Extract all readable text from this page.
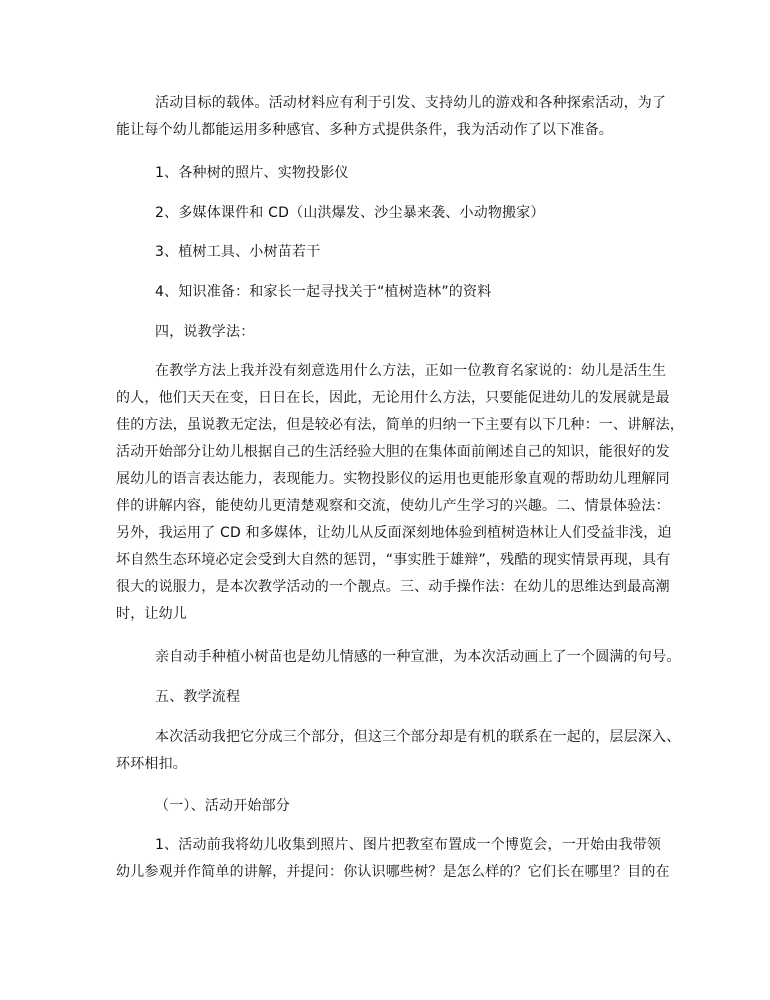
活动目标的载体。活动材料应有利于引发、支持幼儿的游戏和各种探索活动，为了
能让每个幼儿都能运用多种感官、多种方式提供条件，我为活动作了以下准备。
1、各种树的照片、实物投影仪
2、多媒体课件和 CD（山洪爆发、沙尘暴来袭、小动物搬家）
3、植树工具、小树苗若干
4、知识准备：和家长一起寻找关于“植树造林”的资料
四，说教学法：
在教学方法上我并没有刻意选用什么方法，正如一位教育名家说的：幼儿是活生生
的人，他们天天在变，日日在长，因此，无论用什么方法，只要能促进幼儿的发展就是最
佳的方法，虽说教无定法，但是较必有法，简单的归纳一下主要有以下几种：一、讲解法，
活动开始部分让幼儿根据自己的生活经验大胆的在集体面前阐述自己的知识，能很好的发
展幼儿的语言表达能力，表现能力。实物投影仪的运用也更能形象直观的帮助幼儿理解同
伴的讲解内容，能使幼儿更清楚观察和交流，使幼儿产生学习的兴趣。二、情景体验法：
另外，我运用了 CD 和多媒体，让幼儿从反面深刻地体验到植树造林让人们受益非浅，迫
坏自然生态环境必定会受到大自然的惩罚，“事实胜于雄辩”，残酷的现实情景再现，具有
很大的说服力，是本次教学活动的一个靓点。三、动手操作法：在幼儿的思维达到最高潮
时，让幼儿
亲自动手种植小树苗也是幼儿情感的一种宣泄，为本次活动画上了一个圆满的句号。
五、教学流程
本次活动我把它分成三个部分，但这三个部分却是有机的联系在一起的，层层深入、
环环相扣。
（一）、活动开始部分
1、活动前我将幼儿收集到照片、图片把教室布置成一个博览会，一开始由我带领
幼儿参观并作简单的讲解，并提问：你认识哪些树？是怎么样的？它们长在哪里？目的在
